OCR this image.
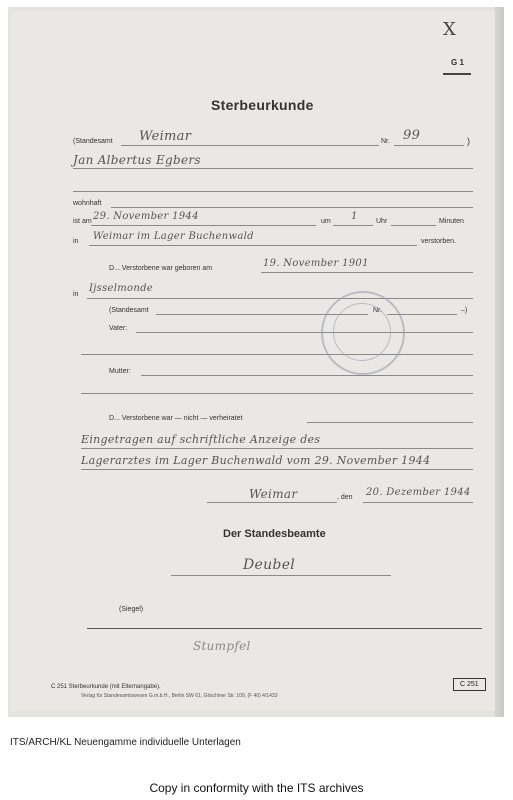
X
G 1
Sterbeurkunde
(Standesamt Weimar	Nr. 99	)
Jan Albertus Egbers
wohnhaft
ist am 29. November 1944	um 1	Uhr	Minuten
in Weimar im Lager Buchenwald	verstorben.
D... Verstorbene war geboren am	19. November 1901
in
Ijsselmonde
(Standesamt	Nr.	–)
Vater:
Mutter:
D... Verstorbene war — nicht — verheiratet
Eingetragen auf schriftliche Anzeige des
Lagerarztes im Lager Buchenwald vom 29. November 1944
Weimar	, den 20. Dezember 1944
Der Standesbeamte
Deubel
(Siegel)
Stumpfel
C 251 Sterbeurkunde (mit Elternangabe).
Verlag für Standesamtswesen G.m.b.H., Berlin SW 61, Gitschiner Str. 109, (F 40) 4/1433
C 251
ITS/ARCH/KL Neuengamme individuelle Unterlagen
Copy in conformity with the ITS archives
